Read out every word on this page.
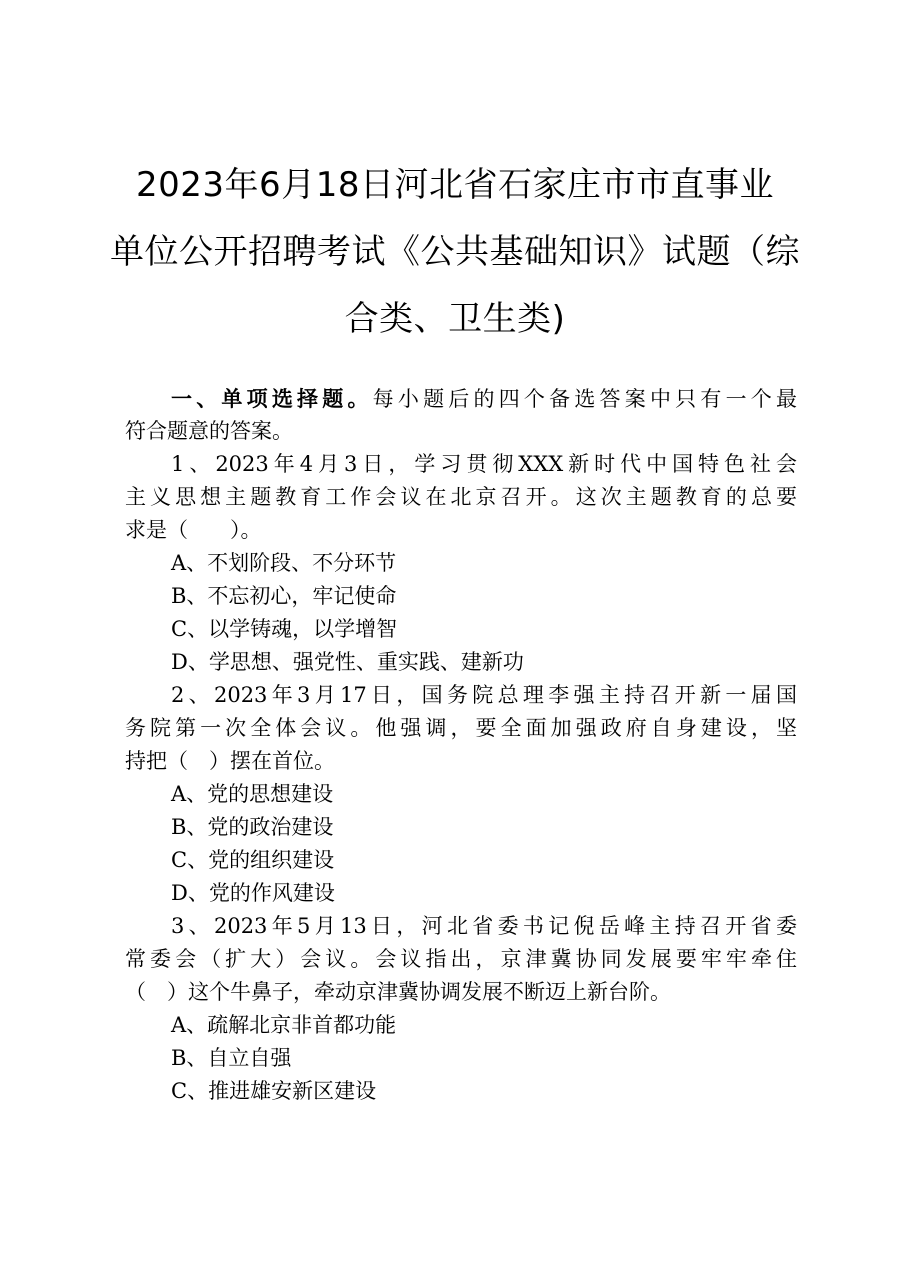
2023年6月18日河北省石家庄市市直事业
单位公开招聘考试《公共基础知识》试题（综
合类、卫生类)
一、单项选择题。每小题后的四个备选答案中只有一个最
符合题意的答案。
1、2023年4月3日，学习贯彻XXX新时代中国特色社会
主义思想主题教育工作会议在北京召开。这次主题教育的总要
求是（　　）。
A、不划阶段、不分环节
B、不忘初心，牢记使命
C、以学铸魂，以学增智
D、学思想、强党性、重实践、建新功
2、2023年3月17日，国务院总理李强主持召开新一届国
务院第一次全体会议。他强调，要全面加强政府自身建设，坚
持把（　）摆在首位。
A、党的思想建设
B、党的政治建设
C、党的组织建设
D、党的作风建设
3、2023年5月13日，河北省委书记倪岳峰主持召开省委
常委会（扩大）会议。会议指出，京津冀协同发展要牢牢牵住
（　）这个牛鼻子，牵动京津冀协调发展不断迈上新台阶。
A、疏解北京非首都功能
B、自立自强
C、推进雄安新区建设
